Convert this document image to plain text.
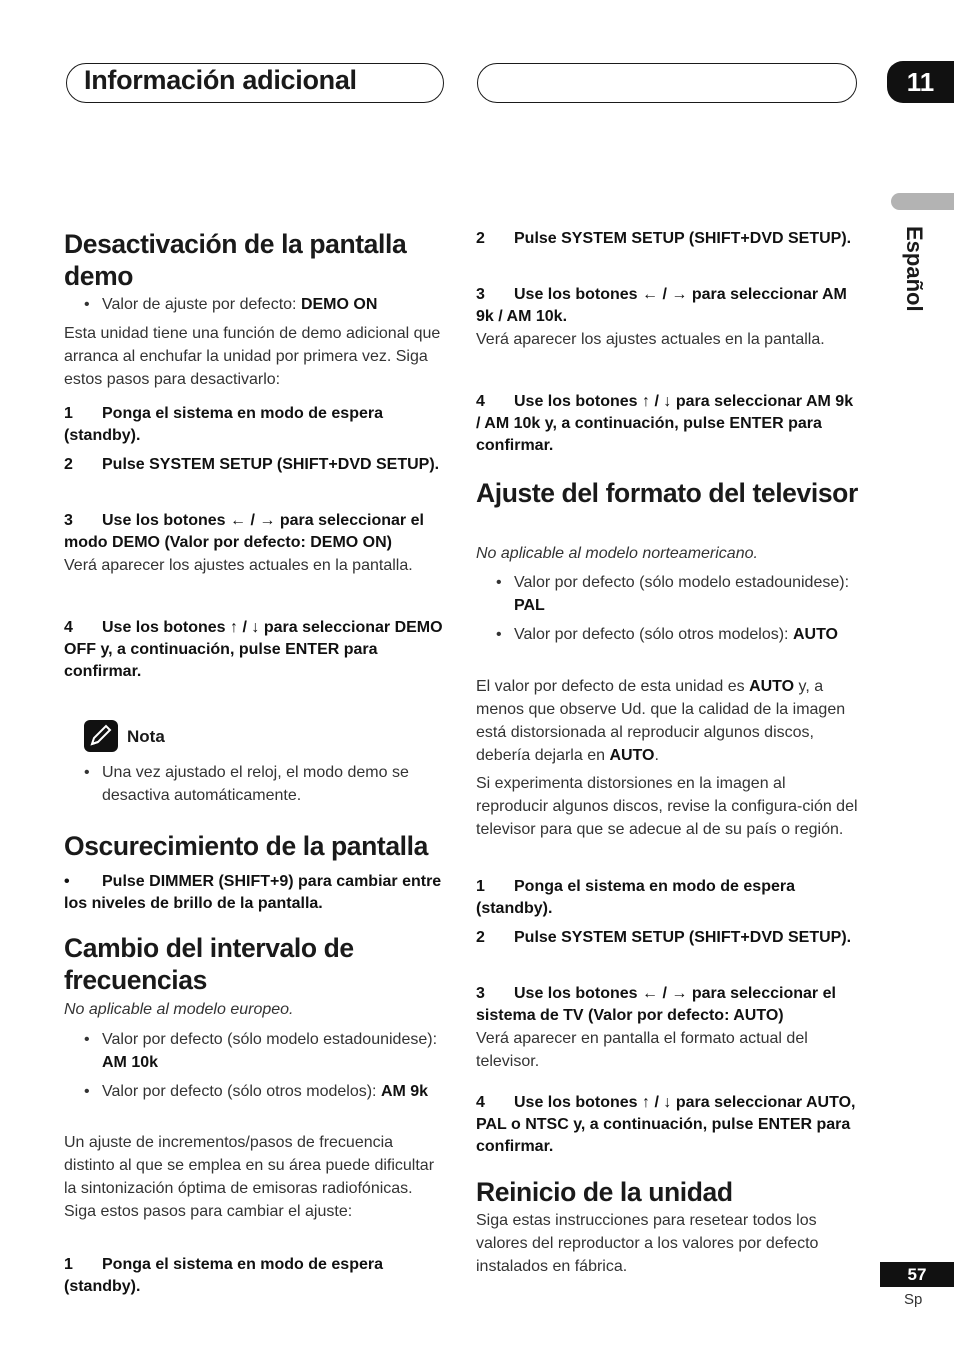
Información adicional	11
Español
Desactivación de la pantalla demo
• Valor de ajuste por defecto: DEMO ON

Esta unidad tiene una función de demo adicional que arranca al enchufar la unidad por primera vez. Siga estos pasos para desactivarlo:

1 Ponga el sistema en modo de espera (standby).
2 Pulse SYSTEM SETUP (SHIFT+DVD SETUP).
3 Use los botones ← / → para seleccionar el modo DEMO (Valor por defecto: DEMO ON)

Verá aparecer los ajustes actuales en la pantalla.

4 Use los botones ↑ / ↓ para seleccionar DEMO OFF y, a continuación, pulse ENTER para confirmar.
Nota
• Una vez ajustado el reloj, el modo demo se desactiva automáticamente.
Oscurecimiento de la pantalla
• Pulse DIMMER (SHIFT+9) para cambiar entre los niveles de brillo de la pantalla.
Cambio del intervalo de frecuencias

No aplicable al modelo europeo.

• Valor por defecto (sólo modelo estadounidese): AM 10k
• Valor por defecto (sólo otros modelos): AM 9k

Un ajuste de incrementos/pasos de frecuencia distinto al que se emplea en su área puede dificultar la sintonización óptima de emisoras radiofónicas. Siga estos pasos para cambiar el ajuste:

1 Ponga el sistema en modo de espera (standby).
2 Pulse SYSTEM SETUP (SHIFT+DVD SETUP).
3 Use los botones ← / → para seleccionar AM 9k / AM 10k.

Verá aparecer los ajustes actuales en la pantalla.

4 Use los botones ↑ / ↓ para seleccionar AM 9k / AM 10k y, a continuación, pulse ENTER para confirmar.
Ajuste del formato del televisor

No aplicable al modelo norteamericano.

• Valor por defecto (sólo modelo estadounidese): PAL
• Valor por defecto (sólo otros modelos): AUTO

El valor por defecto de esta unidad es AUTO y, a menos que observe Ud. que la calidad de la imagen está distorsionada al reproducir algunos discos, debería dejarla en AUTO.

Si experimenta distorsiones en la imagen al reproducir algunos discos, revise la configura-ción del televisor para que se adecue al de su país o región.

1 Ponga el sistema en modo de espera (standby).
2 Pulse SYSTEM SETUP (SHIFT+DVD SETUP).
3 Use los botones ← / → para seleccionar el sistema de TV (Valor por defecto: AUTO)

Verá aparecer en pantalla el formato actual del televisor.

4 Use los botones ↑ / ↓ para seleccionar AUTO, PAL o NTSC y, a continuación, pulse ENTER para confirmar.
Reinicio de la unidad

Siga estas instrucciones para resetear todos los valores del reproductor a los valores por defecto instalados en fábrica.	57
Sp
